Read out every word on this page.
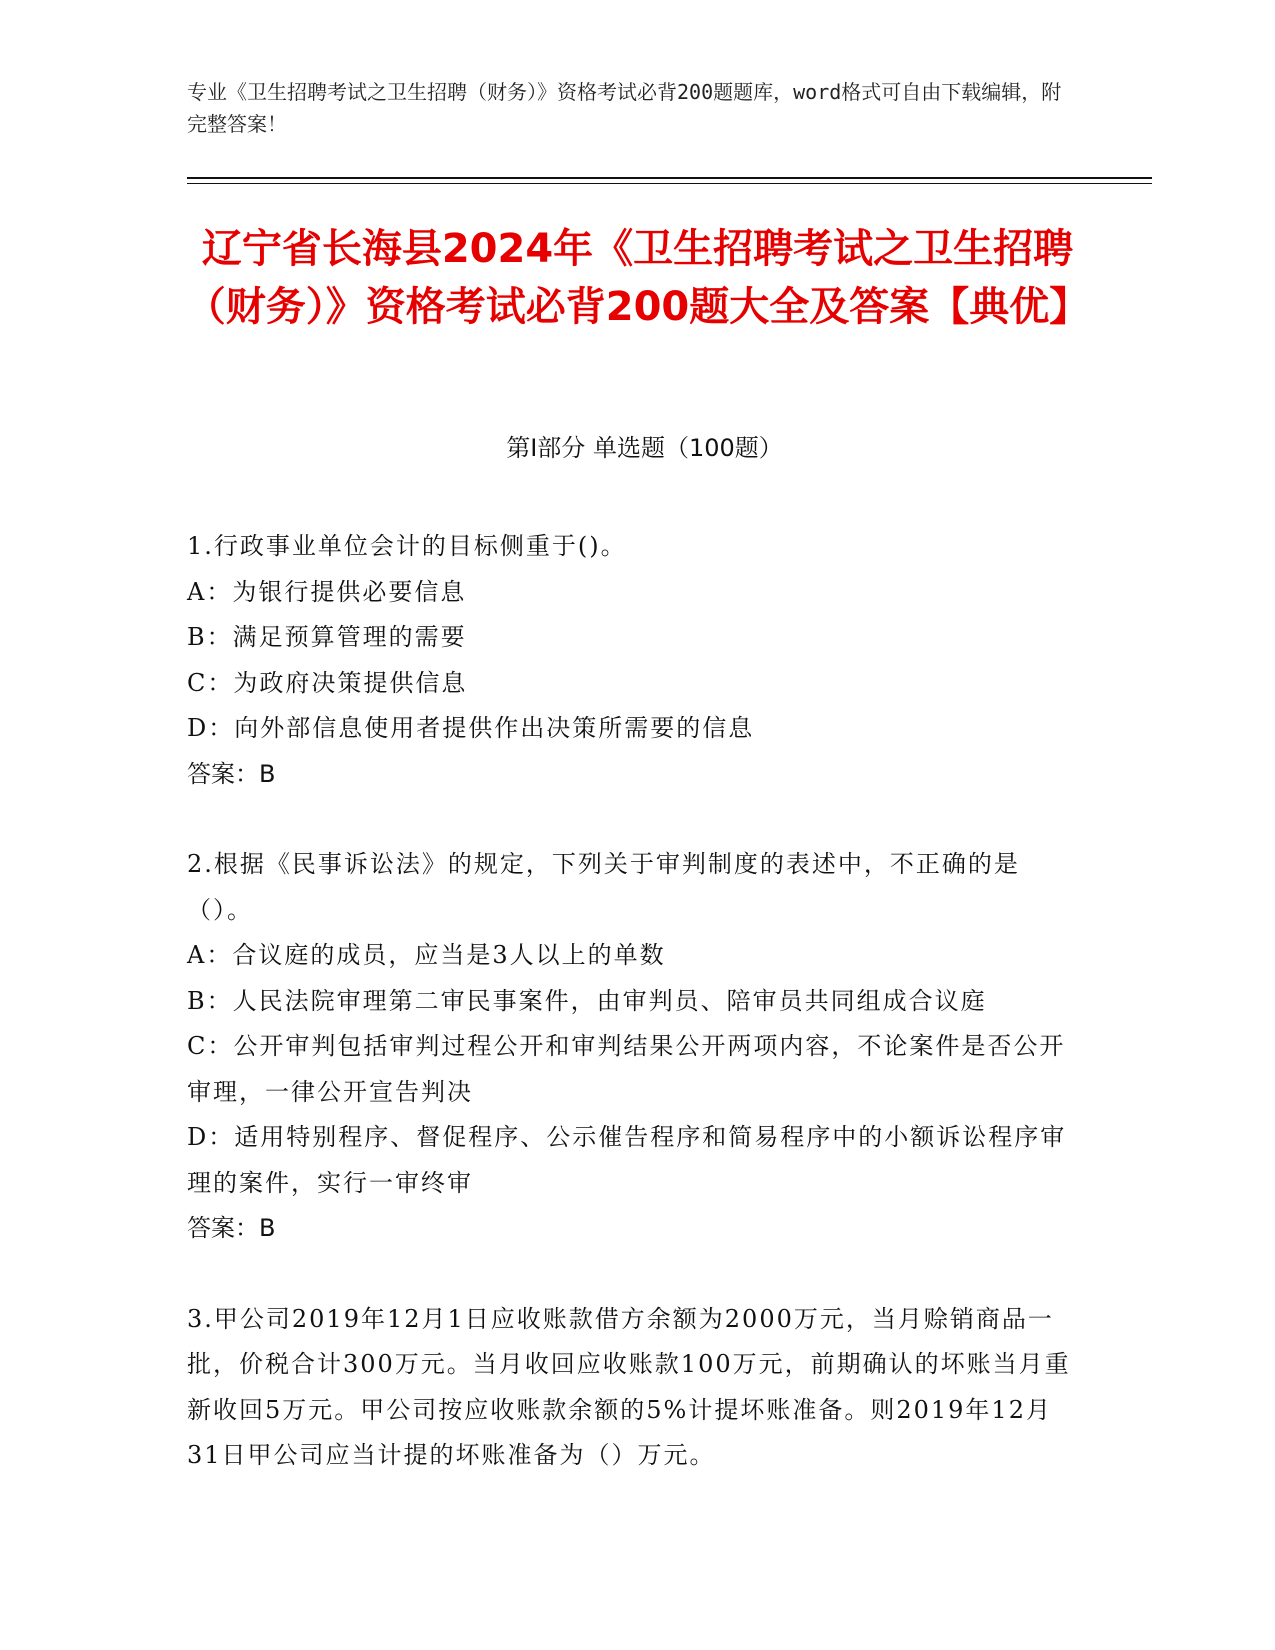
专业《卫生招聘考试之卫生招聘（财务）》资格考试必背200题题库，word格式可自由下载编辑，附完整答案！
辽宁省长海县2024年《卫生招聘考试之卫生招聘（财务）》资格考试必背200题大全及答案【典优】
第I部分 单选题（100题）

1.行政事业单位会计的目标侧重于()。

A：为银行提供必要信息

B：满足预算管理的需要

C：为政府决策提供信息

D：向外部信息使用者提供作出决策所需要的信息

答案：B

2.根据《民事诉讼法》的规定，下列关于审判制度的表述中，不正确的是（）。

A：合议庭的成员，应当是3人以上的单数

B：人民法院审理第二审民事案件，由审判员、陪审员共同组成合议庭

C：公开审判包括审判过程公开和审判结果公开两项内容，不论案件是否公开审理，一律公开宣告判决

D：适用特别程序、督促程序、公示催告程序和简易程序中的小额诉讼程序审理的案件，实行一审终审

答案：B

3.甲公司2019年12月1日应收账款借方余额为2000万元，当月赊销商品一批，价税合计300万元。当月收回应收账款100万元，前期确认的坏账当月重新收回5万元。甲公司按应收账款余额的5%计提坏账准备。则2019年12月31日甲公司应当计提的坏账准备为（）万元。
